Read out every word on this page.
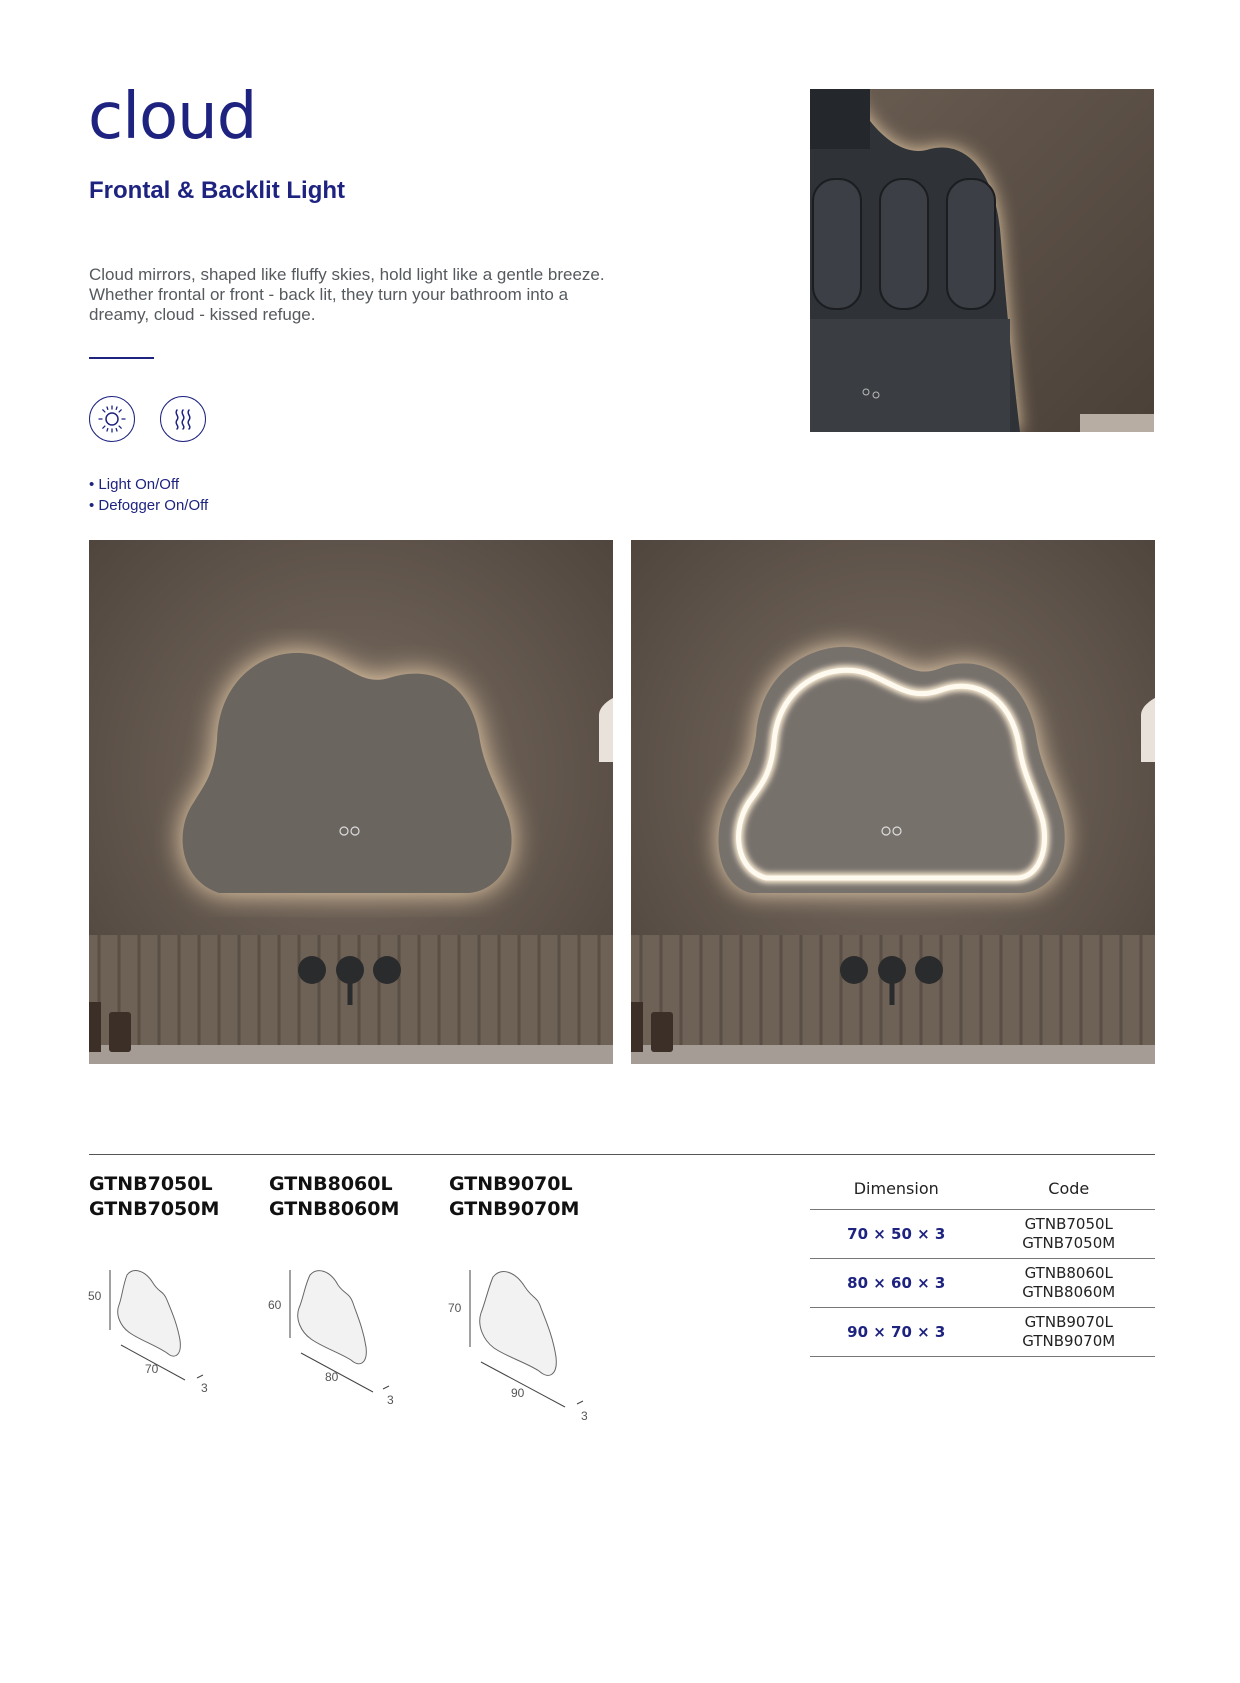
cloud
Frontal & Backlit Light
Cloud mirrors, shaped like fluffy skies, hold light like a gentle breeze. Whether frontal or front - back lit, they turn your bathroom into a dreamy, cloud - kissed refuge.
• Light On/Off
• Defogger On/Off
GTNB7050L
GTNB7050M
GTNB8060L
GTNB8060M
GTNB9070L
GTNB9070M
50
70
3
60
80
3
70
90
3
Dimension	Code
70 × 50 × 3	GTNB7050L
GTNB7050M

80 × 60 × 3	GTNB8060L
GTNB8060M

90 × 70 × 3	GTNB9070L
GTNB9070M
